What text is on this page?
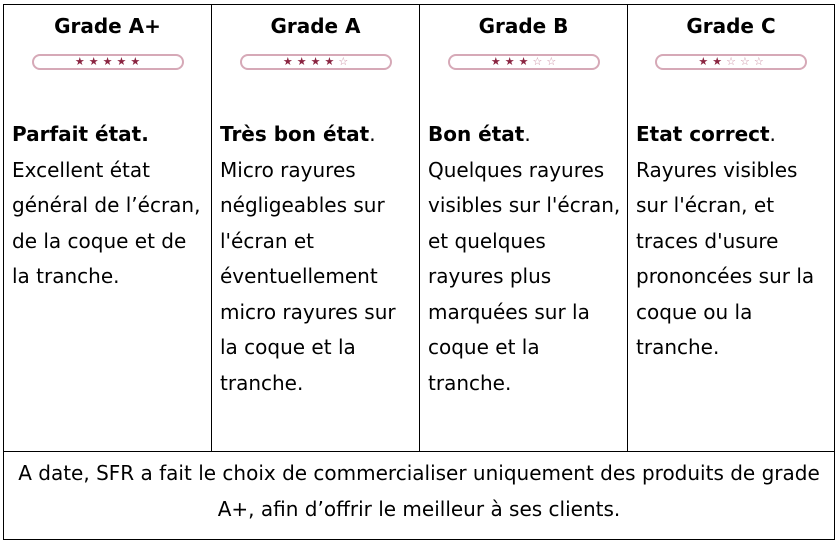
Grade A+
★ ★ ★ ★ ★
Parfait état.
Excellent état général de l’écran, de la coque et de la tranche.
Grade A
★ ★ ★ ★ ☆
Très bon état.
Micro rayures négligeables sur l'écran et éventuellement micro rayures sur la coque et la tranche.
Grade B
★ ★ ★ ☆ ☆
Bon état.
Quelques rayures visibles sur l'écran, et quelques rayures plus marquées sur la coque et la tranche.
Grade C
★ ★ ☆ ☆ ☆
Etat correct.
Rayures visibles sur l'écran, et traces d'usure prononcées sur la coque ou la tranche.
A date, SFR a fait le choix de commercialiser uniquement des produits de grade A+, afin d’offrir le meilleur à ses clients.
